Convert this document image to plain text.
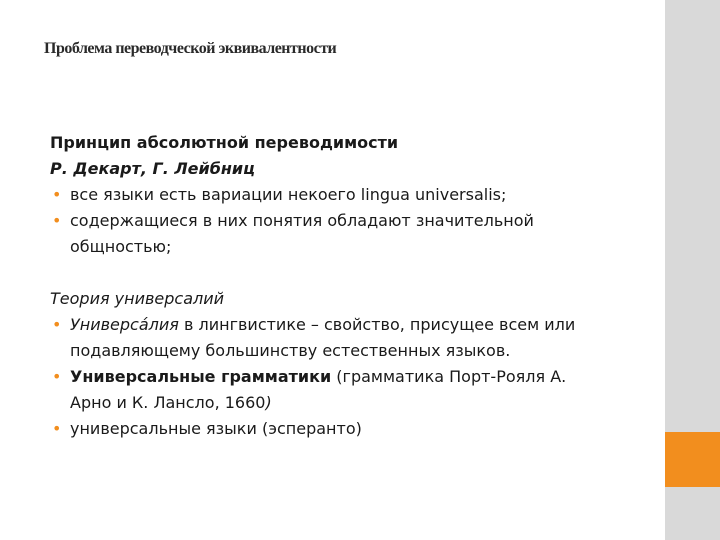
Проблема переводческой эквивалентности
Принцип абсолютной переводимости
Р. Декарт, Г. Лейбниц
• все языки есть вариации некоего lingua universalis;
• содержащиеся в них понятия обладают значительной
общностью;
Теория универсалий
• Универса́лия в лингвистике – свойство, присущее всем или
подавляющему большинству естественных языков.
• Универсальные грамматики (грамматика Порт-Рояля А.
Арно и К. Лансло, 1660)
• универсальные языки (эсперанто)
